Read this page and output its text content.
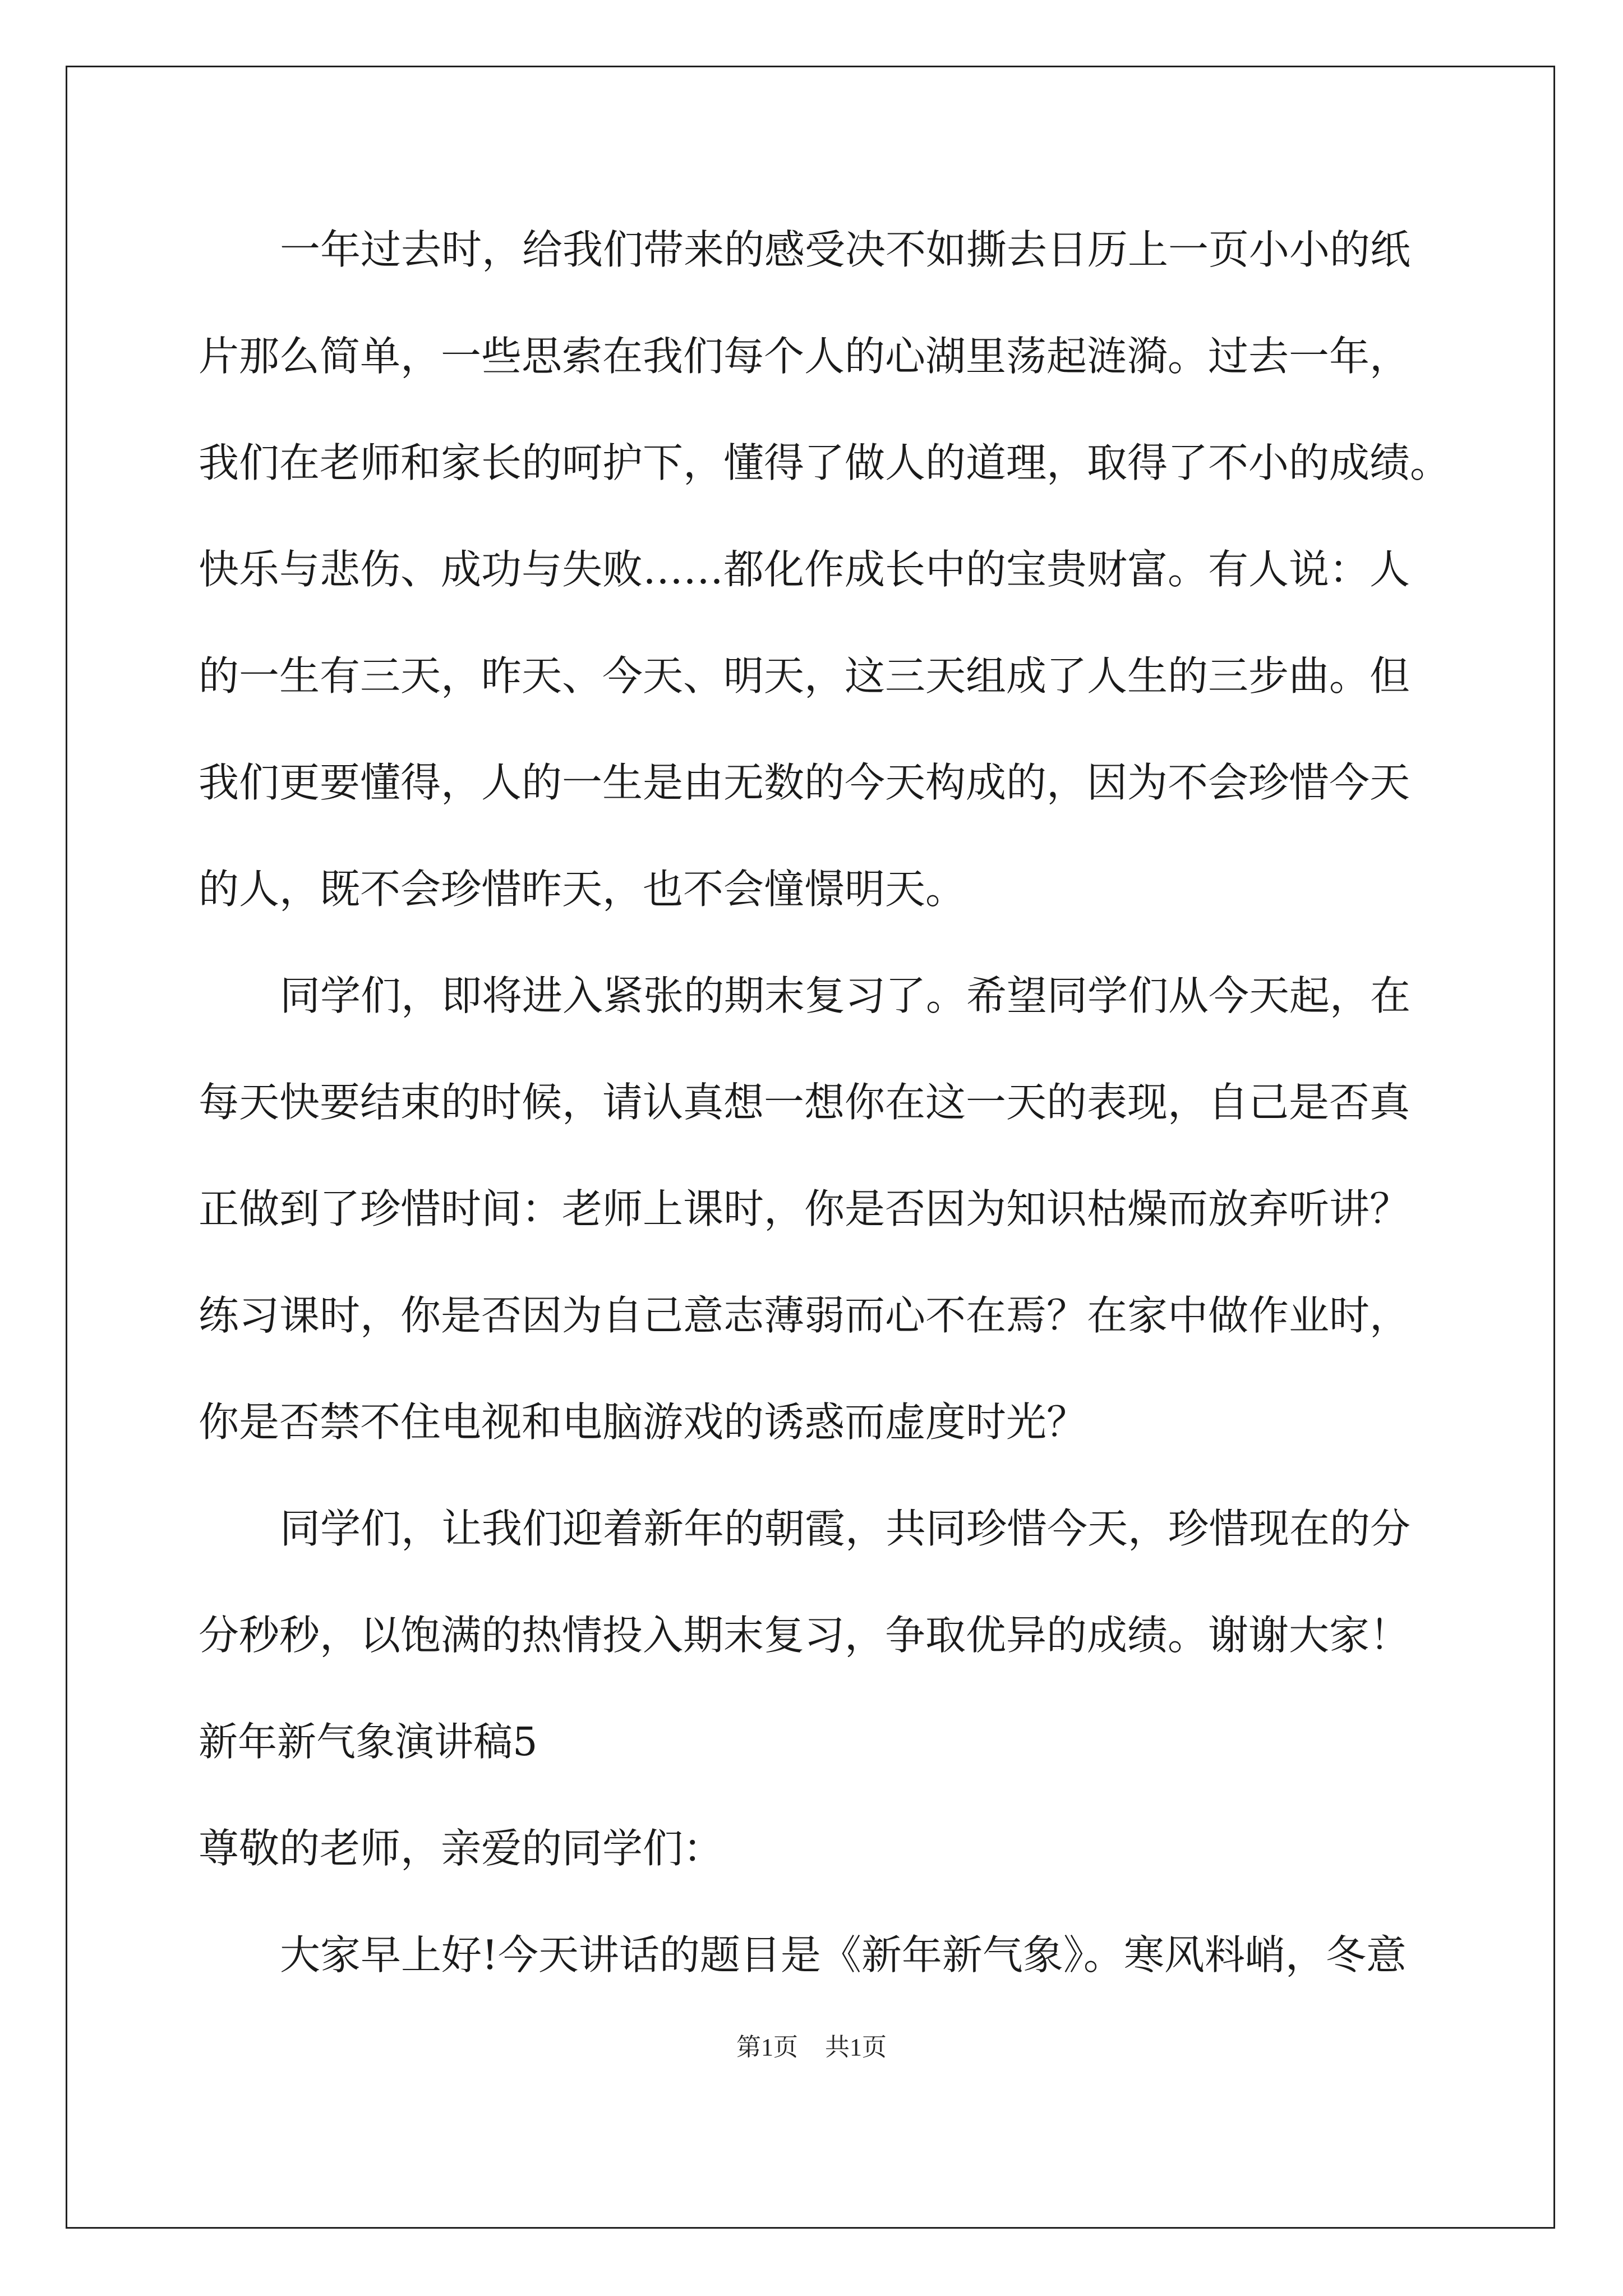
一年过去时，给我们带来的感受决不如撕去日历上一页小小的纸
片那么简单，一些思索在我们每个人的心湖里荡起涟漪。过去一年，
我们在老师和家长的呵护下，懂得了做人的道理，取得了不小的成绩。
快乐与悲伤、成功与失败……都化作成长中的宝贵财富。有人说：人
的一生有三天，昨天、今天、明天，这三天组成了人生的三步曲。但
我们更要懂得，人的一生是由无数的今天构成的，因为不会珍惜今天
的人，既不会珍惜昨天，也不会憧憬明天。
同学们，即将进入紧张的期末复习了。希望同学们从今天起，在
每天快要结束的时候，请认真想一想你在这一天的表现，自己是否真
正做到了珍惜时间：老师上课时，你是否因为知识枯燥而放弃听讲？
练习课时，你是否因为自己意志薄弱而心不在焉？在家中做作业时，
你是否禁不住电视和电脑游戏的诱惑而虚度时光？
同学们，让我们迎着新年的朝霞，共同珍惜今天，珍惜现在的分
分秒秒，以饱满的热情投入期末复习，争取优异的成绩。谢谢大家！
新年新气象演讲稿5
尊敬的老师，亲爱的同学们：
大家早上好!今天讲话的题目是《新年新气象》。寒风料峭，冬意
第1页 共1页
